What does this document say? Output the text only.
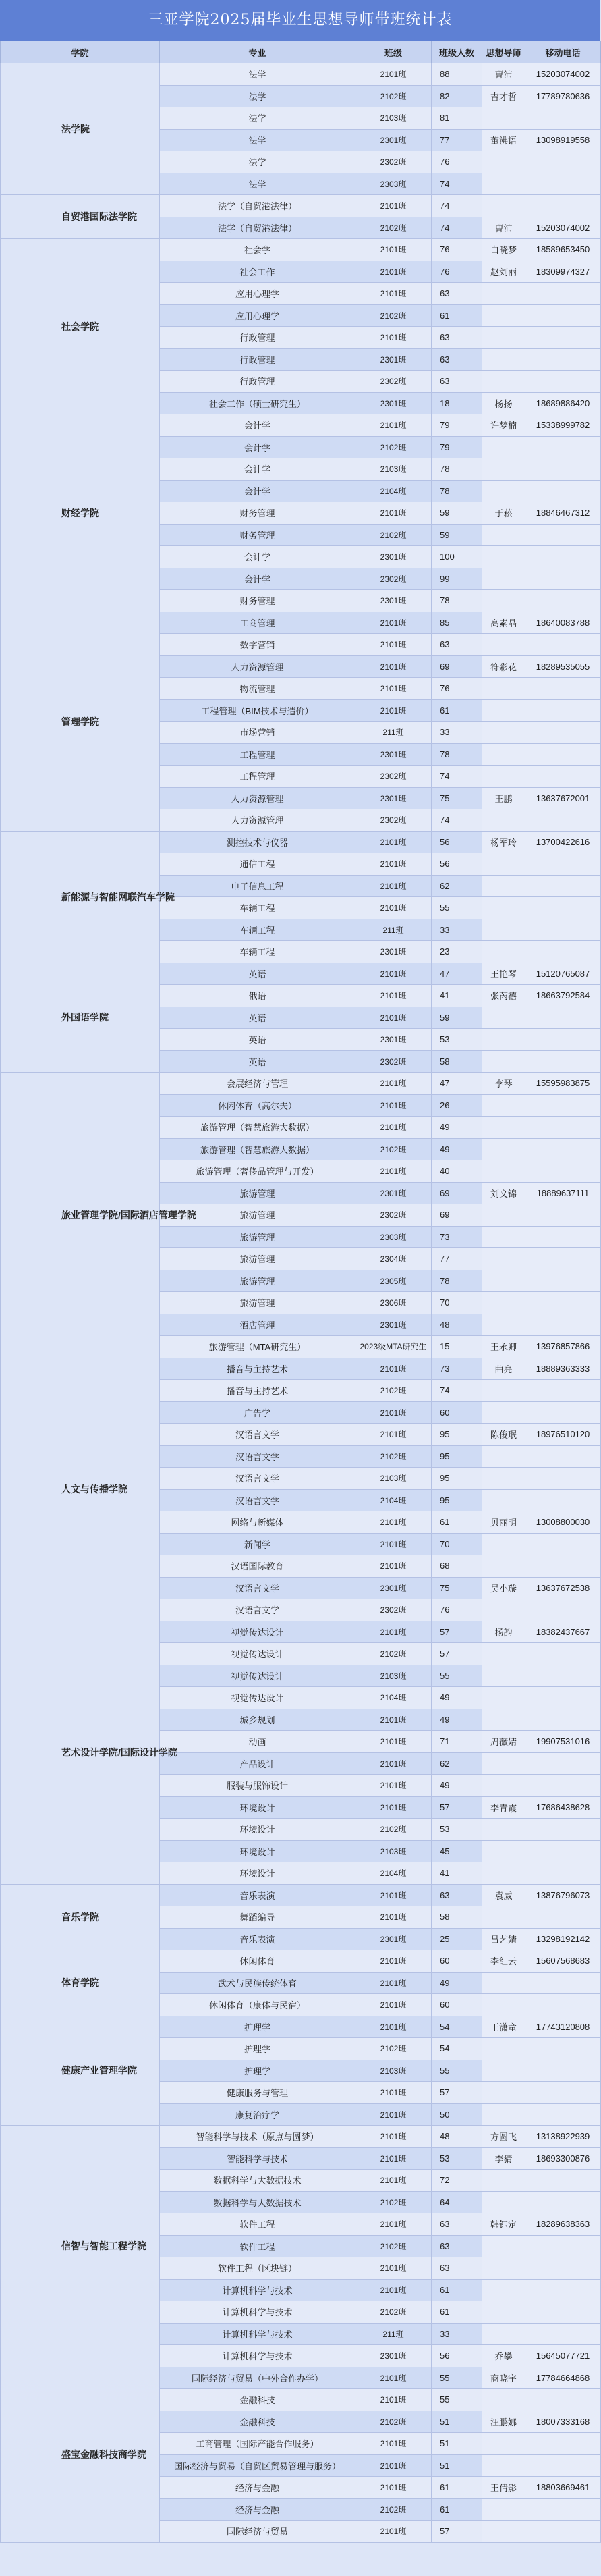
三亚学院2025届毕业生思想导师带班统计表
学院	专业	班级	班级人数	思想导师	移动电话
法学院	法学	2101班	88	曹沛	15203074002
	法学	2102班	82	吉才哲	17789780636
	法学	2103班	81		
	法学	2301班	77	董沸语	13098919558
	法学	2302班	76		
	法学	2303班	74		
自贸港国际法学院	法学（自贸港法律）	2101班	74		
	法学（自贸港法律）	2102班	74	曹沛	15203074002
社会学院	社会学	2101班	76	白晓梦	18589653450
	社会工作	2101班	76	赵刘丽	18309974327
	应用心理学	2101班	63		
	应用心理学	2102班	61		
	行政管理	2101班	63		
	行政管理	2301班	63		
	行政管理	2302班	63		
	社会工作（硕士研究生）	2301班	18	杨扬	18689886420
财经学院	会计学	2101班	79	许梦楠	15338999782
	会计学	2102班	79		
	会计学	2103班	78		
	会计学	2104班	78		
	财务管理	2101班	59	于菘	18846467312
	财务管理	2102班	59		
	会计学	2301班	100		
	会计学	2302班	99		
	财务管理	2301班	78		
管理学院	工商管理	2101班	85	高素晶	18640083788
	数字营销	2101班	63		
	人力资源管理	2101班	69	符彩花	18289535055
	物流管理	2101班	76		
	工程管理（BIM技术与造价）	2101班	61		
	市场营销	211班	33		
	工程管理	2301班	78		
	工程管理	2302班	74		
	人力资源管理	2301班	75	王鹏	13637672001
	人力资源管理	2302班	74		
新能源与智能网联汽车学院	测控技术与仪器	2101班	56	杨军玲	13700422616
	通信工程	2101班	56		
	电子信息工程	2101班	62		
	车辆工程	2101班	55		
	车辆工程	211班	33		
	车辆工程	2301班	23		
外国语学院	英语	2101班	47	王艳琴	15120765087
	俄语	2101班	41	张芮禧	18663792584
	英语	2101班	59		
	英语	2301班	53		
	英语	2302班	58		
旅业管理学院/国际酒店管理学院	会展经济与管理	2101班	47	李琴	15595983875
	休闲体育（高尔夫）	2101班	26		
	旅游管理（智慧旅游大数据）	2101班	49		
	旅游管理（智慧旅游大数据）	2102班	49		
	旅游管理（奢侈品管理与开发）	2101班	40		
	旅游管理	2301班	69	刘文锦	18889637111
	旅游管理	2302班	69		
	旅游管理	2303班	73		
	旅游管理	2304班	77		
	旅游管理	2305班	78		
	旅游管理	2306班	70		
	酒店管理	2301班	48		
	旅游管理（MTA研究生）	2023级MTA研究生	15	王永卿	13976857866
人文与传播学院	播音与主持艺术	2101班	73	曲亮	18889363333
	播音与主持艺术	2102班	74		
	广告学	2101班	60		
	汉语言文学	2101班	95	陈俊珉	18976510120
	汉语言文学	2102班	95		
	汉语言文学	2103班	95		
	汉语言文学	2104班	95		
	网络与新媒体	2101班	61	贝丽明	13008800030
	新闻学	2101班	70		
	汉语国际教育	2101班	68		
	汉语言文学	2301班	75	吴小璇	13637672538
	汉语言文学	2302班	76		
艺术设计学院/国际设计学院	视觉传达设计	2101班	57	杨韵	18382437667
	视觉传达设计	2102班	57		
	视觉传达设计	2103班	55		
	视觉传达设计	2104班	49		
	城乡规划	2101班	49		
	动画	2101班	71	周薇婧	19907531016
	产品设计	2101班	62		
	服装与服饰设计	2101班	49		
	环境设计	2101班	57	李青霞	17686438628
	环境设计	2102班	53		
	环境设计	2103班	45		
	环境设计	2104班	41		
音乐学院	音乐表演	2101班	63	袁威	13876796073
	舞蹈编导	2101班	58		
	音乐表演	2301班	25	吕艺婧	13298192142
体育学院	休闲体育	2101班	60	李红云	15607568683
	武术与民族传统体育	2101班	49		
	休闲体育（康体与民宿）	2101班	60		
健康产业管理学院	护理学	2101班	54	王潇童	17743120808
	护理学	2102班	54		
	护理学	2103班	55		
	健康服务与管理	2101班	57		
	康复治疗学	2101班	50		
信智与智能工程学院	智能科学与技术（原点与圆梦）	2101班	48	方圆飞	13138922939
	智能科学与技术	2101班	53	李猜	18693300876
	数据科学与大数据技术	2101班	72		
	数据科学与大数据技术	2102班	64		
	软件工程	2101班	63	韩钰定	18289638363
	软件工程	2102班	63		
	软件工程（区块链）	2101班	63		
	计算机科学与技术	2101班	61		
	计算机科学与技术	2102班	61		
	计算机科学与技术	211班	33		
	计算机科学与技术	2301班	56	乔攀	15645077721
盛宝金融科技商学院	国际经济与贸易（中外合作办学）	2101班	55	商晓宇	17784664868
	金融科技	2101班	55		
	金融科技	2102班	51	汪鹏娜	18007333168
	工商管理（国际产能合作服务）	2101班	51		
	国际经济与贸易（自贸区贸易管理与服务）	2101班	51		
	经济与金融	2101班	61	王倩影	18803669461
	经济与金融	2102班	61		
	国际经济与贸易	2101班	57		
